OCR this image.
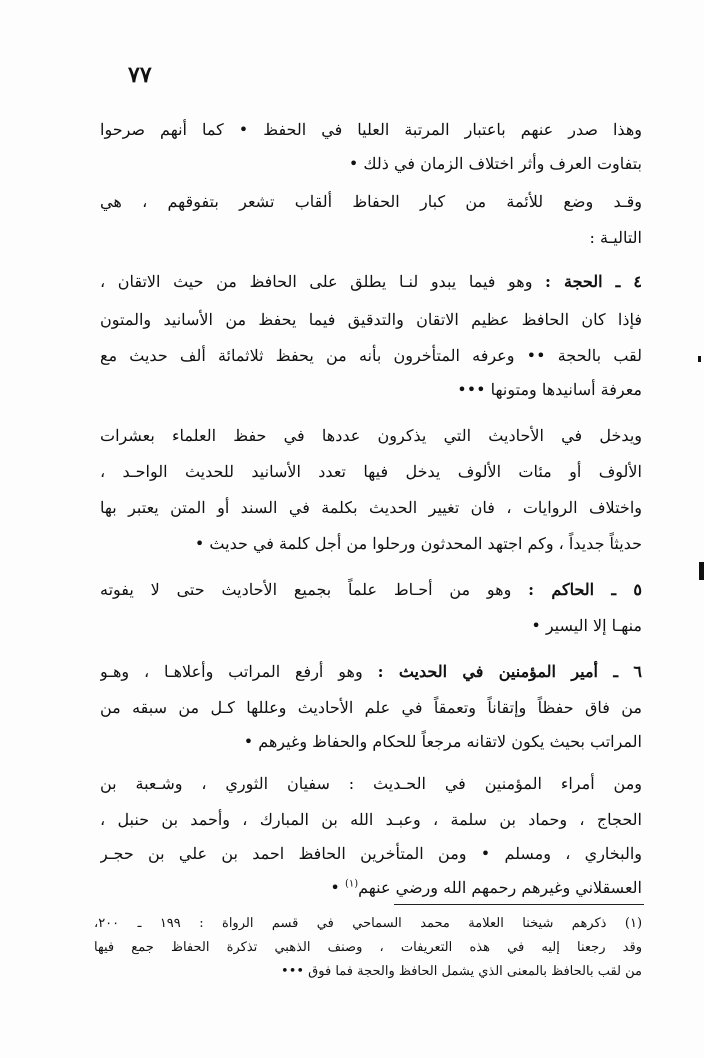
٧٧
وهذا صدر عنهم باعتبار المرتبة العليا في الحفظ • كما أنهم صرحوا
بتفاوت العرف وأثر اختلاف الزمان في ذلك •
وقـد وضع للأئمة من كبار الحفاظ ألقاب تشعر بتفوقهم ، هي
التاليـة :
٤ ـ الحجة : وهو فيما يبدو لنـا يطلق على الحافظ من حيث الاتقان ،
فإذا كان الحافظ عظيم الاتقان والتدقيق فيما يحفظ من الأسانيد والمتون
لقب بالحجة •• وعرفه المتأخرون بأنه من يحفظ ثلاثمائة ألف حديث مع
معرفة أسانيدها ومتونها •••
ويدخل في الأحاديث التي يذكرون عددها في حفظ العلماء بعشرات
الألوف أو مئات الألوف يدخل فيها تعدد الأسانيد للحديث الواحـد ،
واختلاف الروايات ، فان تغيير الحديث بكلمة في السند أو المتن يعتبر بها
حديثاً جديداً ، وكم اجتهد المحدثون ورحلوا من أجل كلمة في حديث •
٥ ـ الحاكم : وهو من أحـاط علماً بجميع الأحاديث حتى لا يفوته
منهـا إلا اليسير •
٦ ـ أمير المؤمنين في الحديث : وهو أرفع المراتب وأعلاهـا ، وهـو
من فاق حفظاً وإتقاناً وتعمقاً في علم الأحاديث وعللها كـل من سبقه من
المراتب بحيث يكون لاتقانه مرجعاً للحكام والحفاظ وغيرهم •
ومن أمراء المؤمنين في الحـديث : سفيان الثوري ، وشـعبة بن
الحجاج ، وحماد بن سلمة ، وعبـد الله بن المبارك ، وأحمد بن حنبل ،
والبخاري ، ومسلم • ومن المتأخرين الحافظ احمد بن علي بن حجـر
العسقلاني وغيرهم رحمهم الله ورضي عنهم$^{(١)}$ •
(١) ذكرهم شيخنا العلامة محمد السماحي في قسم الرواة : ١٩٩ ـ ٢٠٠،
وقد رجعنا إليه في هذه التعريفات ، وصنف الذهبي تذكرة الحفاظ جمع فيها
من لقب بالحافظ بالمعنى الذي يشمل الحافظ والحجة فما فوق •••
